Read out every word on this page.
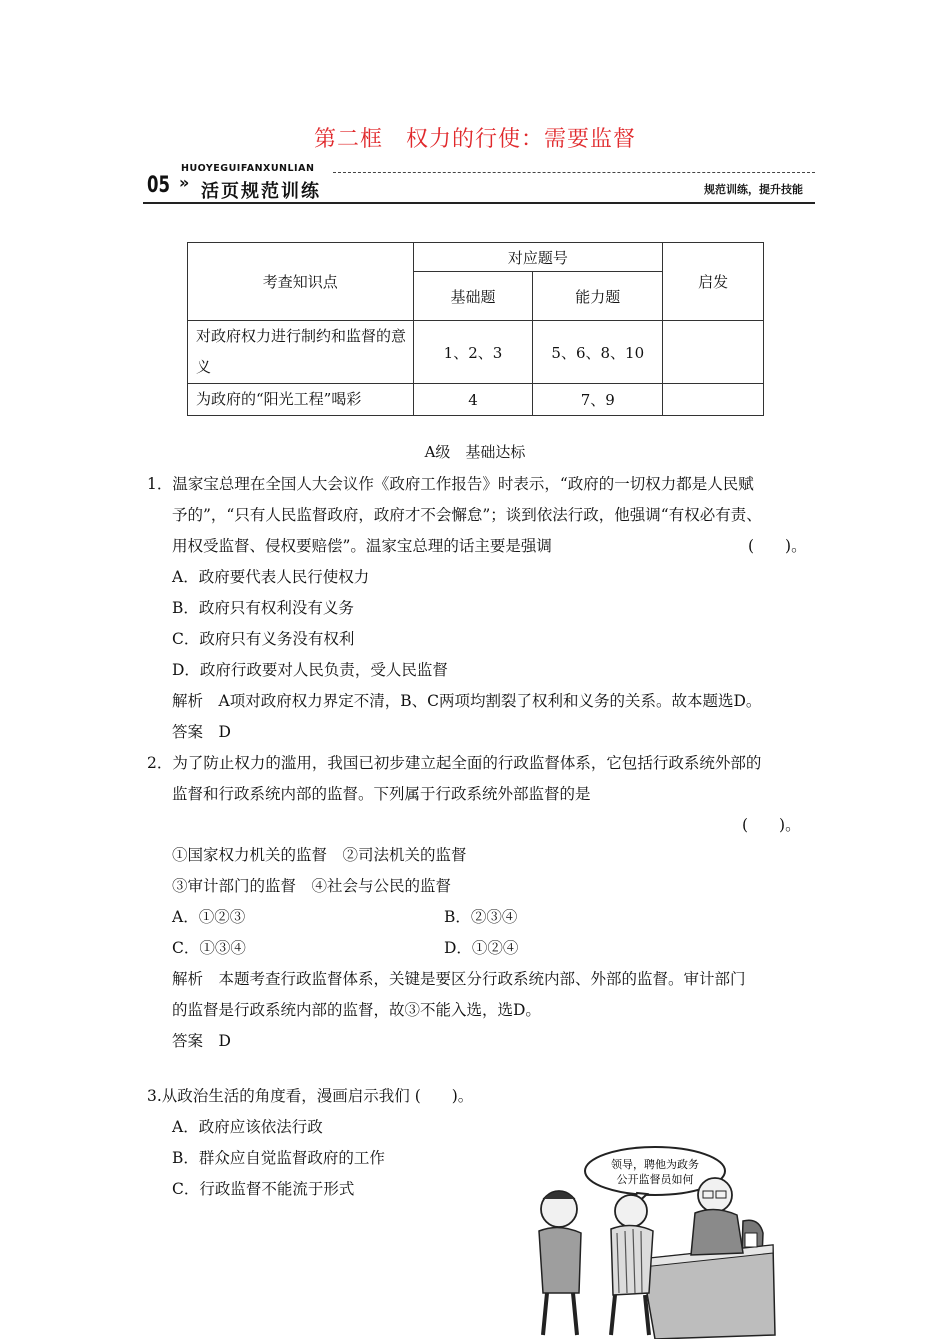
第二框　权力的行使：需要监督
HUOYEGUIFANXUNLIAN
05 » 活页规范训练	规范训练，提升技能
考查知识点	对应题号		启发
	基础题	能力题	
对政府权力进行制约和监督的意义	1、2、3	5、6、8、10	
为政府的“阳光工程”喝彩	4	7、9	
A级　基础达标
1．温家宝总理在全国人大会议作《政府工作报告》时表示，“政府的一切权力都是人民赋
予的”，“只有人民监督政府，政府才不会懈怠”；谈到依法行政，他强调“有权必有责、
用权受监督、侵权要赔偿”。温家宝总理的话主要是强调	(　　)。
A．政府要代表人民行使权力
B．政府只有权利没有义务
C．政府只有义务没有权利
D．政府行政要对人民负责，受人民监督
解析　A项对政府权力界定不清，B、C两项均割裂了权利和义务的关系。故本题选D。
答案　D
2．为了防止权力的滥用，我国已初步建立起全面的行政监督体系，它包括行政系统外部的
监督和行政系统内部的监督。下列属于行政系统外部监督的是
(　　)。
①国家权力机关的监督　②司法机关的监督
③审计部门的监督　④社会与公民的监督
A．①②③	B．②③④
C．①③④	D．①②④
解析　本题考查行政监督体系，关键是要区分行政系统内部、外部的监督。审计部门
的监督是行政系统内部的监督，故③不能入选，选D。
答案　D
3.从政治生活的角度看，漫画启示我们 (　　)。
A．政府应该依法行政
B．群众应自觉监督政府的工作
C．行政监督不能流于形式
领导，聘他为政务
公开监督员如何
